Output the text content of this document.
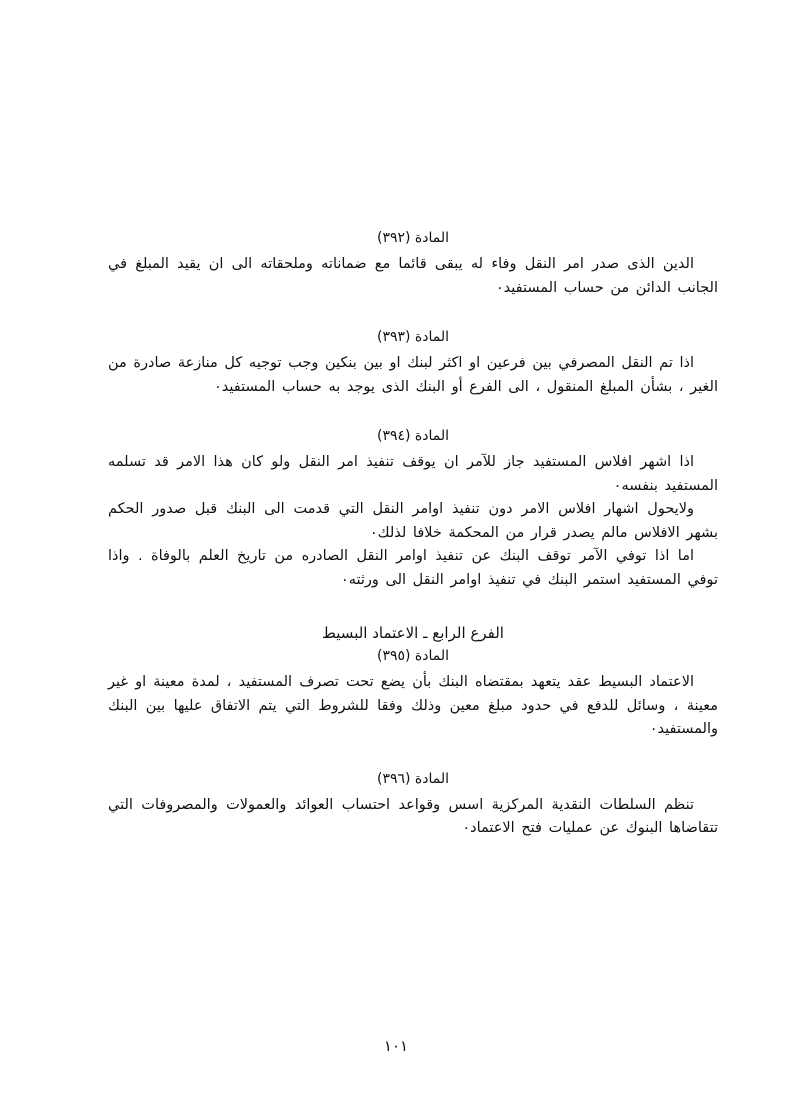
المادة (٣٩٢)

الدين الذى صدر امر النقل وفاء له يبقى قائما مع ضماناته وملحقاته الى ان يقيد المبلغ في الجانب الدائن من حساب المستفيد٠

المادة (٣٩٣)

اذا تم النقل المصرفي بين فرعين او اكثر لبنك او بين بنكين وجب توجيه كل منازعة صادرة من الغير ، بشأن المبلغ المنقول ، الى الفرع أو البنك الذى يوجد به حساب المستفيد٠

المادة (٣٩٤)

اذا اشهر افلاس المستفيد جاز للآمر ان يوقف تنفيذ امر النقل ولو كان هذا الامر قد تسلمه المستفيد بنفسه٠

ولايحول اشهار افلاس الامر دون تنفيذ اوامر النقل التي قدمت الى البنك قبل صدور الحكم بشهر الافلاس مالم يصدر قرار من المحكمة خلافا لذلك٠

اما اذا توفي الآمر توقف البنك عن تنفيذ اوامر النقل الصادره من تاريخ العلم بالوفاة . واذا توفي المستفيد استمر البنك في تنفيذ اوامر النقل الى ورثته٠

الفرع الرابع ـ الاعتماد البسيط
المادة (٣٩٥)

الاعتماد البسيط عقد يتعهد بمقتضاه البنك بأن يضع تحت تصرف المستفيد ، لمدة معينة او غير معينة ، وسائل للدفع في حدود مبلغ معين وذلك وفقا للشروط التي يتم الاتفاق عليها بين البنك والمستفيد٠

المادة (٣٩٦)

تنظم السلطات النقدية المركزية اسس وقواعد احتساب العوائد والعمولات والمصروفات التي تتقاضاها البنوك عن عمليات فتح الاعتماد٠

١٠١
